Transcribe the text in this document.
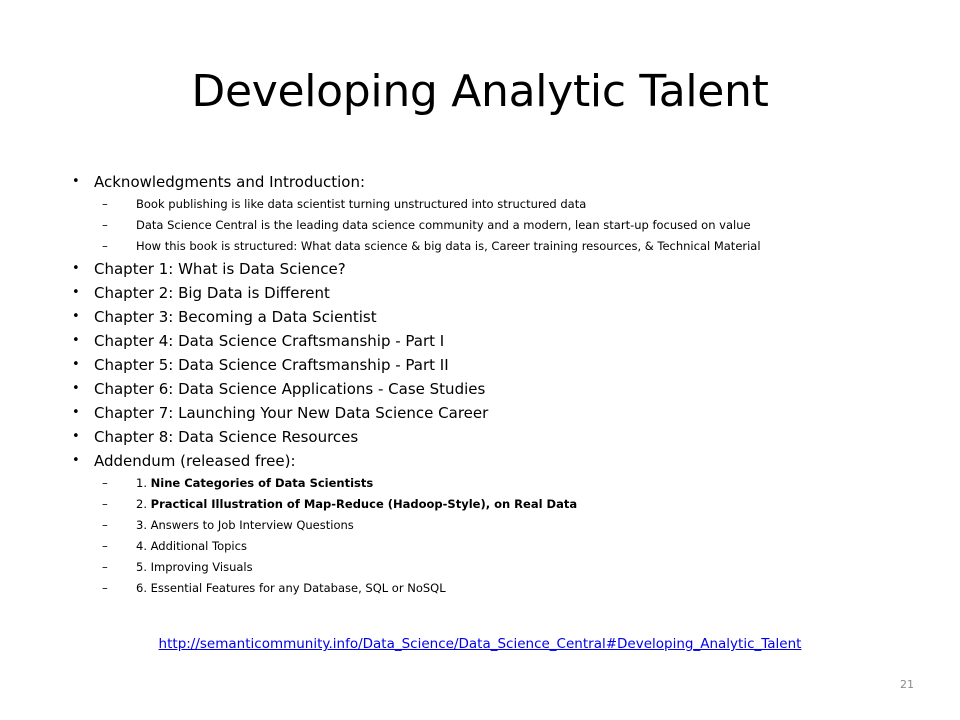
Developing Analytic Talent
• Acknowledgments and Introduction:
– Book publishing is like data scientist turning unstructured into structured data
– Data Science Central is the leading data science community and a modern, lean start-up focused on value
– How this book is structured: What data science & big data is, Career training resources, & Technical Material
• Chapter 1: What is Data Science?
• Chapter 2: Big Data is Different
• Chapter 3: Becoming a Data Scientist
• Chapter 4: Data Science Craftsmanship - Part I
• Chapter 5: Data Science Craftsmanship - Part II
• Chapter 6: Data Science Applications - Case Studies
• Chapter 7: Launching Your New Data Science Career
• Chapter 8: Data Science Resources
• Addendum (released free):
– 1. Nine Categories of Data Scientists
– 2. Practical Illustration of Map-Reduce (Hadoop-Style), on Real Data
– 3. Answers to Job Interview Questions
– 4. Additional Topics
– 5. Improving Visuals
– 6. Essential Features for any Database, SQL or NoSQL
http://semanticommunity.info/Data_Science/Data_Science_Central#Developing_Analytic_Talent
21
